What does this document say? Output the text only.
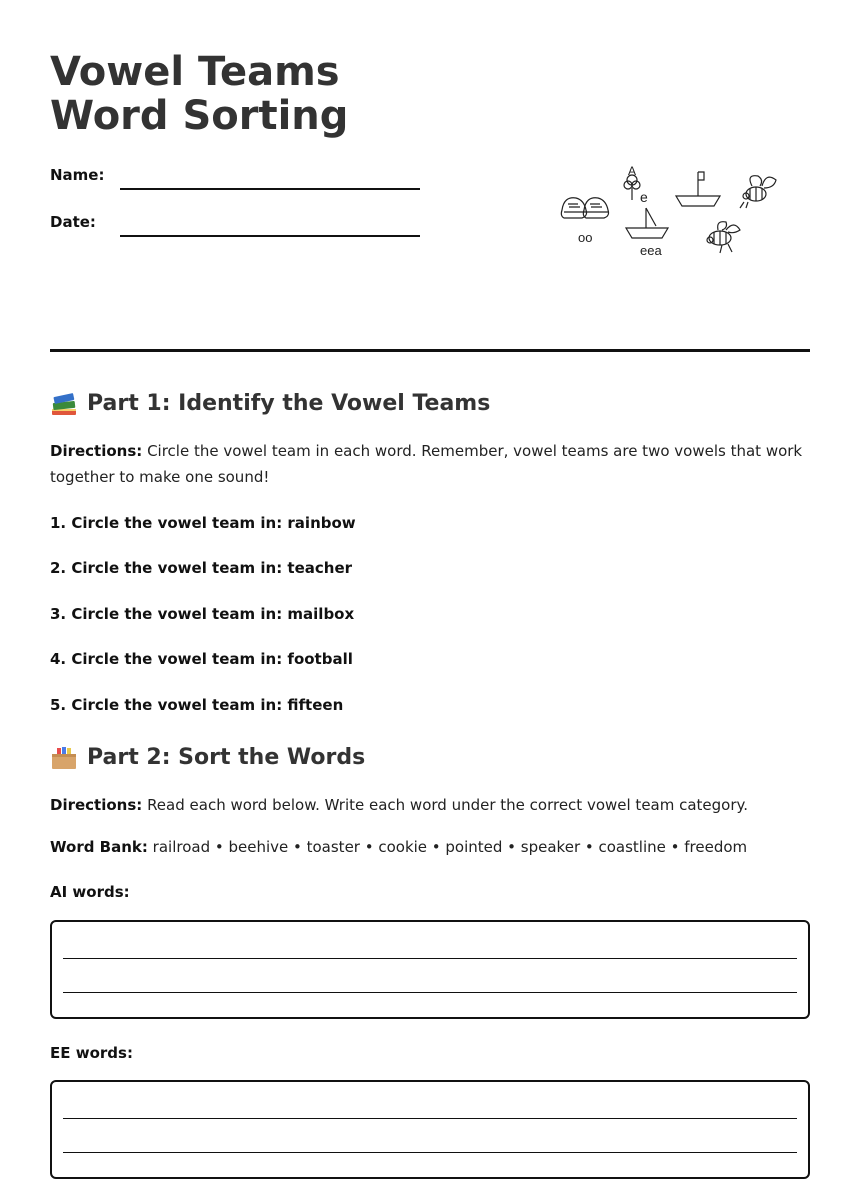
Vowel Teams Word Sorting
Name:
Date:
A
e
oo
eea
Part 1: Identify the Vowel Teams

Directions: Circle the vowel team in each word. Remember, vowel teams are two vowels that work together to make one sound!

1. Circle the vowel team in: rainbow

2. Circle the vowel team in: teacher

3. Circle the vowel team in: mailbox

4. Circle the vowel team in: football

5. Circle the vowel team in: fifteen

Part 2: Sort the Words

Directions: Read each word below. Write each word under the correct vowel team category.

Word Bank: railroad • beehive • toaster • cookie • pointed • speaker • coastline • freedom

AI words:

EE words:
